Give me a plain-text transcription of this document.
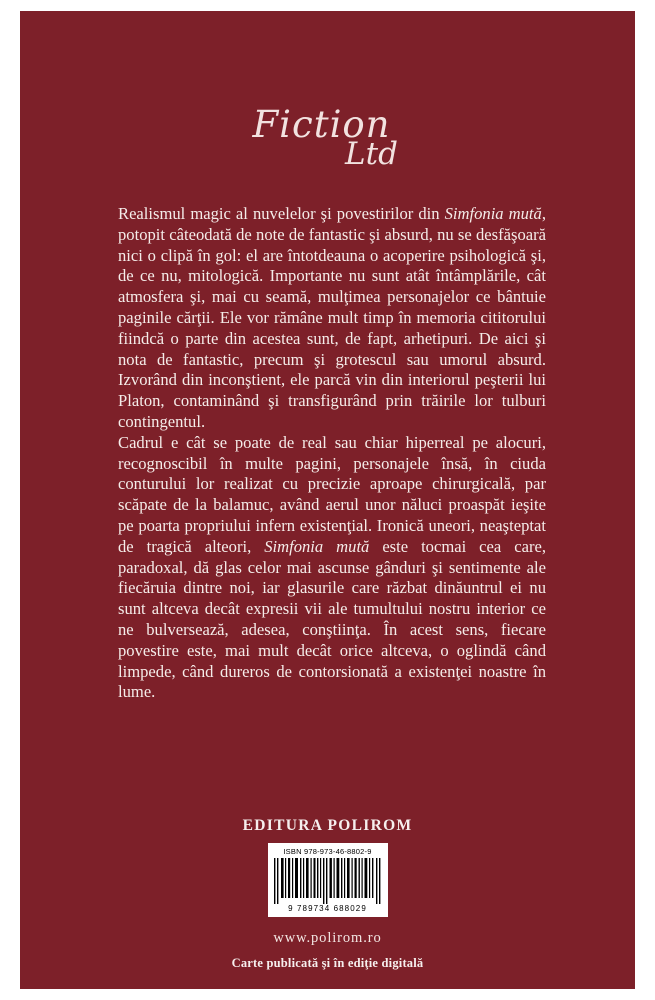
Fiction
Ltd

Realismul magic al nuvelelor şi povestirilor din Simfonia mută, potopit câteodată de note de fantastic şi absurd, nu se desfăşoară nici o clipă în gol: el are întotdeauna o acoperire psihologică şi, de ce nu, mitologică. Importante nu sunt atât întâmplările, cât atmosfera şi, mai cu seamă, mulţimea personajelor ce bântuie paginile cărţii. Ele vor rămâne mult timp în memoria cititorului fiindcă o parte din acestea sunt, de fapt, arhetipuri. De aici şi nota de fantastic, precum şi grotescul sau umorul absurd. Izvorând din inconştient, ele parcă vin din interiorul peşterii lui Platon, contaminând şi transfigurând prin trăirile lor tulburi contingentul.

Cadrul e cât se poate de real sau chiar hiperreal pe alocuri, recognoscibil în multe pagini, personajele însă, în ciuda conturului lor realizat cu precizie aproape chirurgicală, par scăpate de la balamuc, având aerul unor năluci proaspăt ieşite pe poarta propriului infern existenţial. Ironică uneori, neaşteptat de tragică alteori, Simfonia mută este tocmai cea care, paradoxal, dă glas celor mai ascunse gânduri şi sentimente ale fiecăruia dintre noi, iar glasurile care răzbat dinăuntrul ei nu sunt altceva decât expresii vii ale tumultului nostru interior ce ne bulversează, adesea, conştiinţa. În acest sens, fiecare povestire este, mai mult decât orice altceva, o oglindă când limpede, când dureros de contorsionată a existenţei noastre în lume.

EDITURA POLIROM
ISBN 978-973-46-8802-9
9 789734 688029
www.polirom.ro
Carte publicată şi în ediţie digitală
